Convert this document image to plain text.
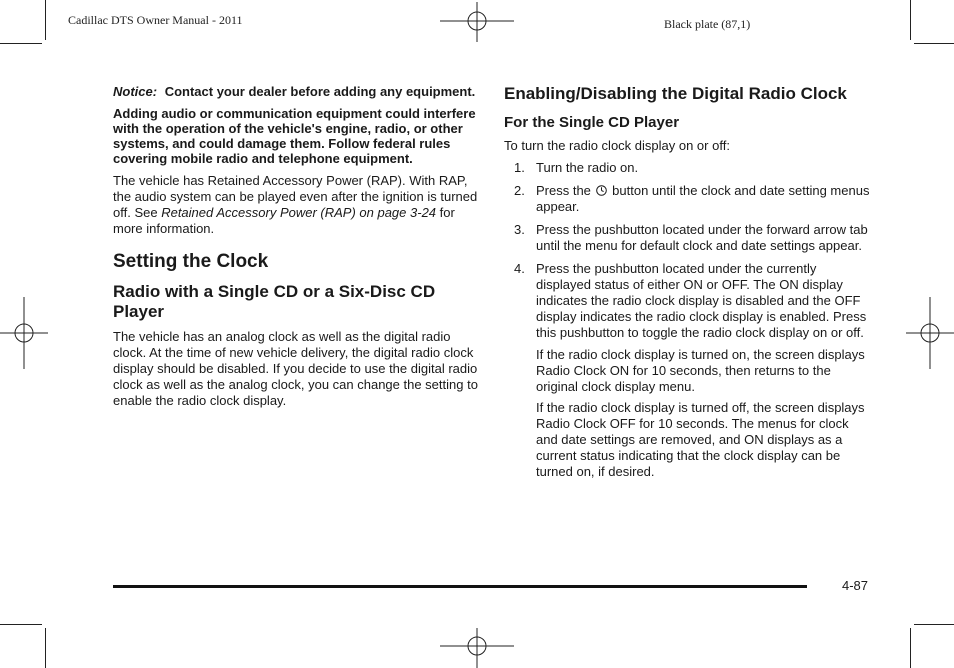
Cadillac DTS Owner Manual - 2011	Black plate (87,1)

Notice: Contact your dealer before adding any equipment.

Adding audio or communication equipment could interfere with the operation of the vehicle's engine, radio, or other systems, and could damage them. Follow federal rules covering mobile radio and telephone equipment.

The vehicle has Retained Accessory Power (RAP). With RAP, the audio system can be played even after the ignition is turned off. See Retained Accessory Power (RAP) on page 3‑24 for more information.

Setting the Clock
Radio with a Single CD or a Six-Disc CD Player

The vehicle has an analog clock as well as the digital radio clock. At the time of new vehicle delivery, the digital radio clock display should be disabled. If you decide to use the digital radio clock as well as the analog clock, you can change the setting to enable the radio clock display.

Enabling/Disabling the Digital Radio Clock
For the Single CD Player

To turn the radio clock display on or off:

1. Turn the radio on.
2. Press the button until the clock and date setting menus appear.
3. Press the pushbutton located under the forward arrow tab until the menu for default clock and date settings appear.
4. Press the pushbutton located under the currently displayed status of either ON or OFF. The ON display indicates the radio clock display is disabled and the OFF display indicates the radio clock display is enabled. Press this pushbutton to toggle the radio clock display on or off.

If the radio clock display is turned on, the screen displays Radio Clock ON for 10 seconds, then returns to the original clock display menu.

If the radio clock display is turned off, the screen displays Radio Clock OFF for 10 seconds. The menus for clock and date settings are removed, and ON displays as a current status indicating that the clock display can be turned on, if desired.

4-87
